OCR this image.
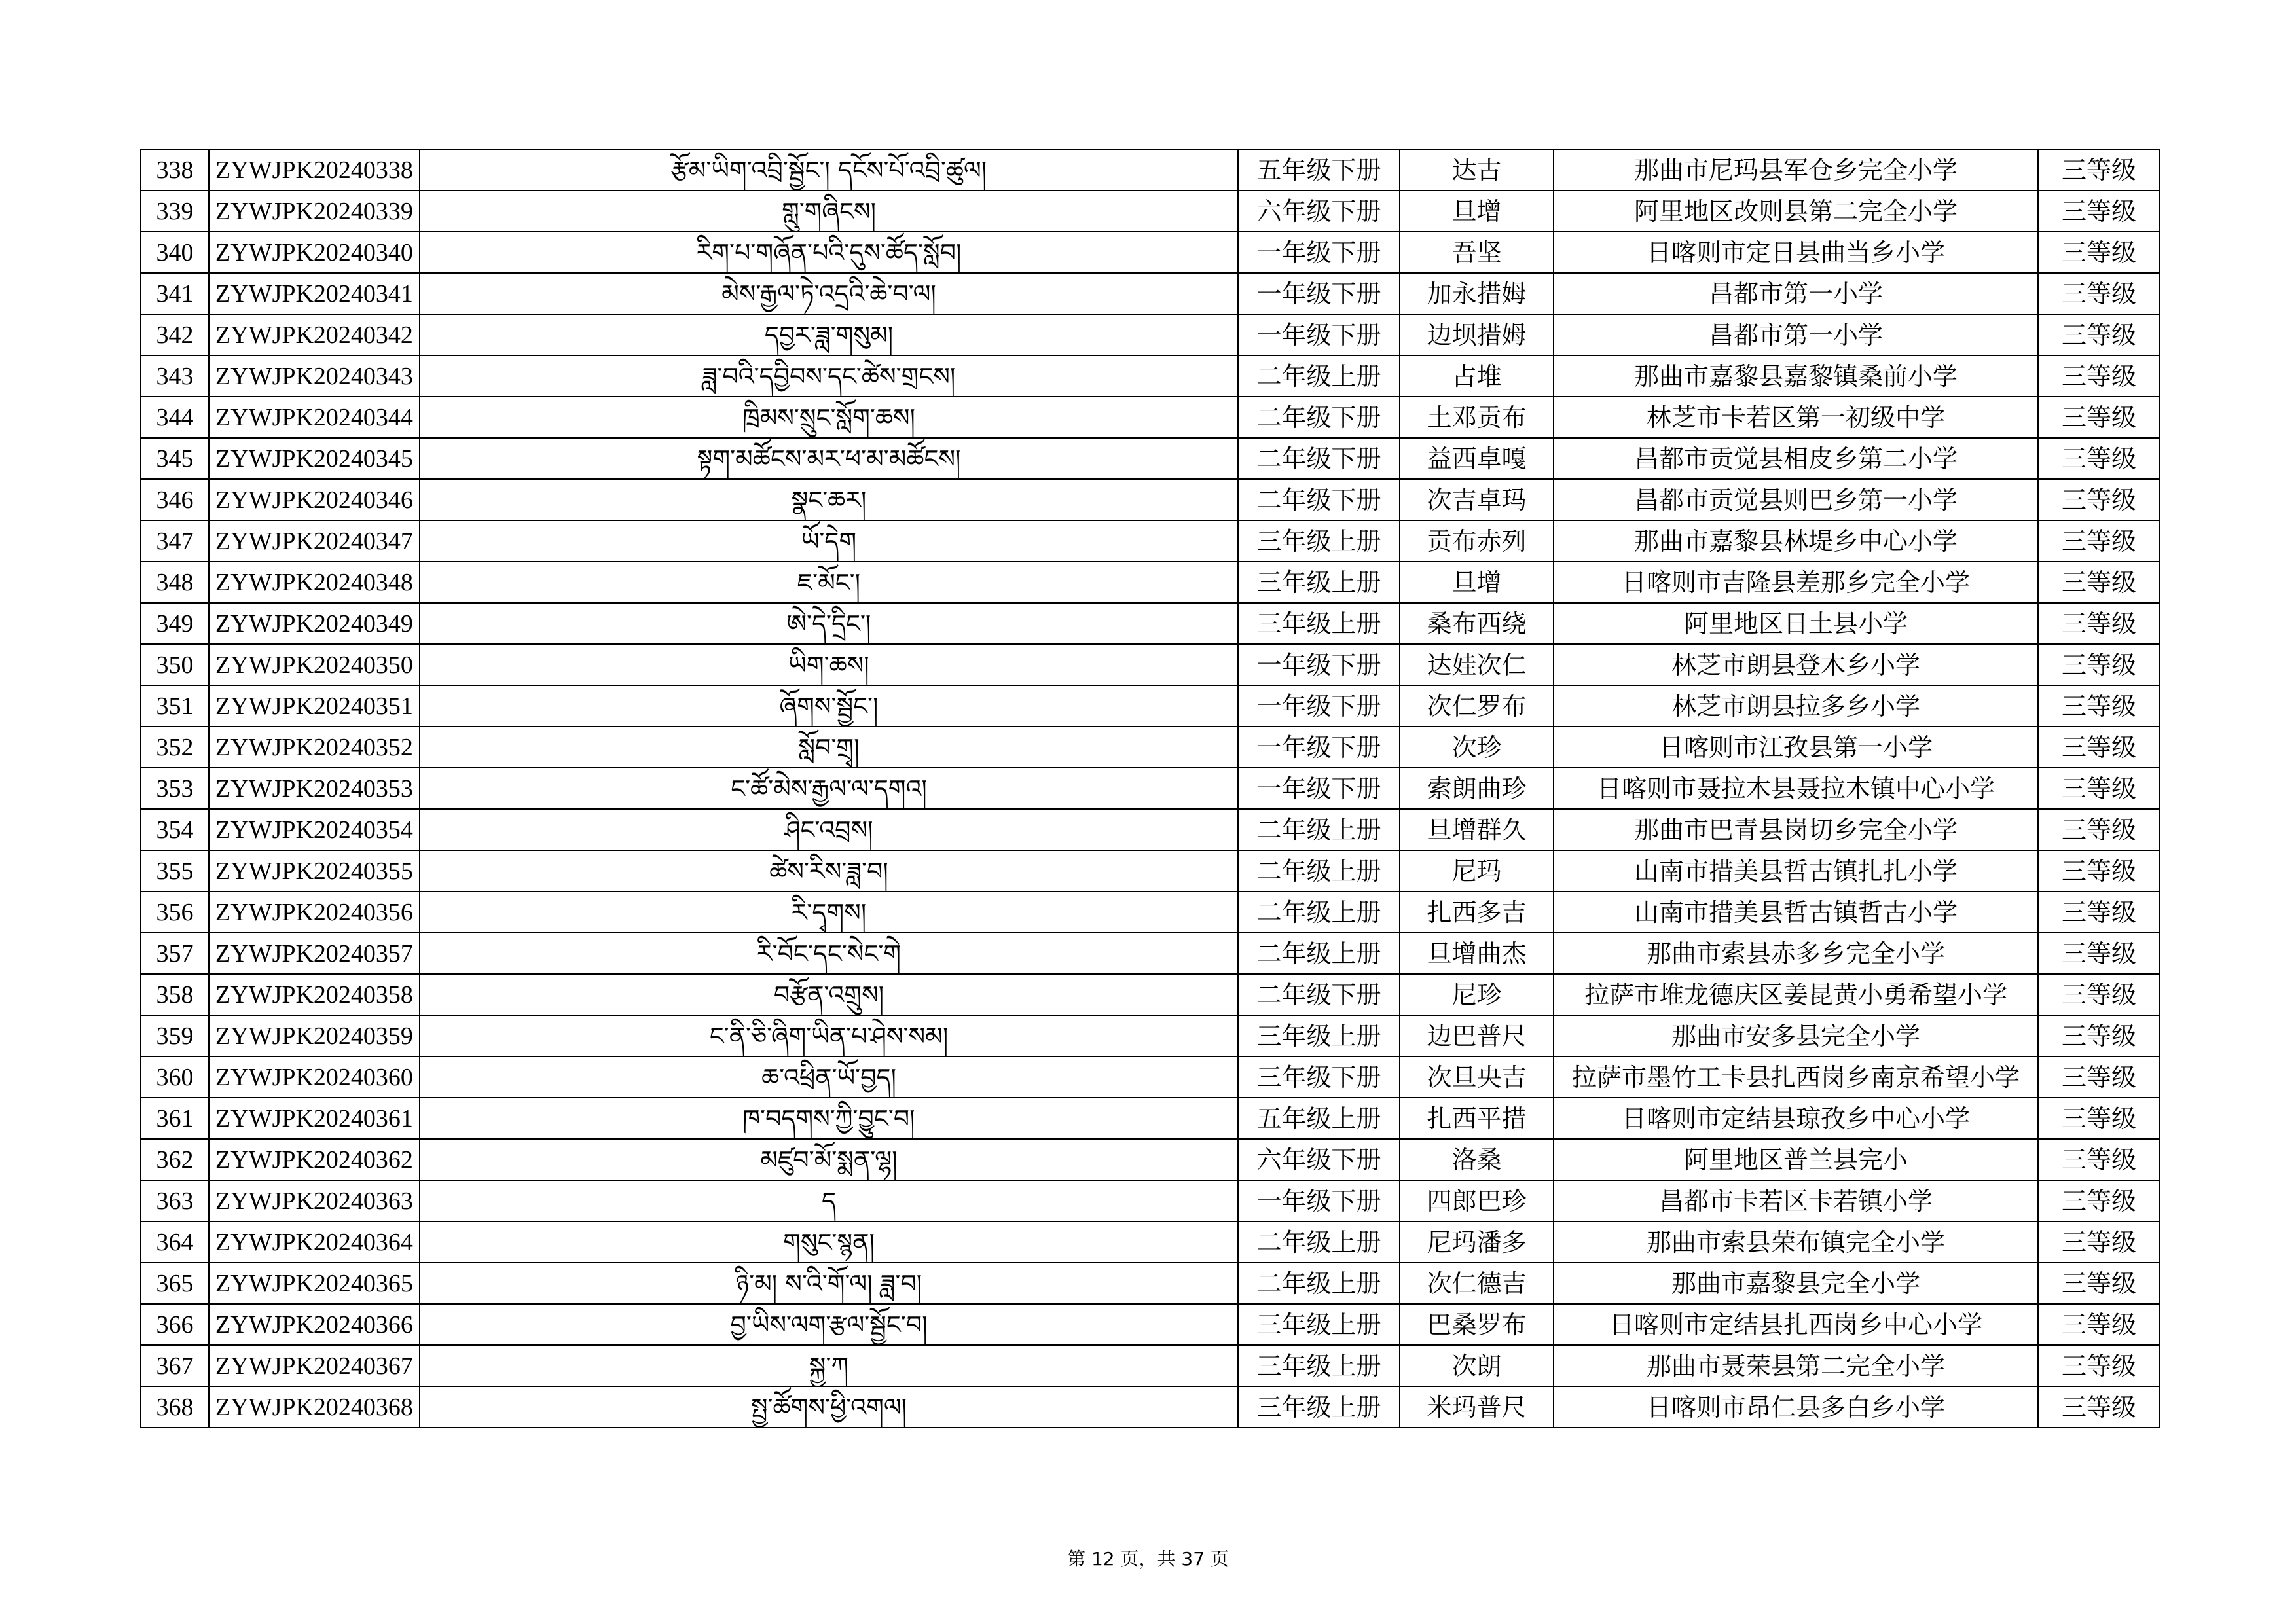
338	ZYWJPK20240338	རྩོམ་ཡིག་འབྲི་སྦྱོང་། དངོས་པོ་འབྲི་ཚུལ།	五年级下册	达古	那曲市尼玛县军仓乡完全小学	三等级
339	ZYWJPK20240339	གླུ་གཞིངས།	六年级下册	旦增	阿里地区改则县第二完全小学	三等级
340	ZYWJPK20240340	རིག་པ་གཞོན་པའི་དུས་ཚོད་སློབ།	一年级下册	吾坚	日喀则市定日县曲当乡小学	三等级
341	ZYWJPK20240341	མེས་རྒྱལ་ཏེ་འདྲའི་ཆེ་བ་ལ།	一年级下册	加永措姆	昌都市第一小学	三等级
342	ZYWJPK20240342	དབྱར་ཟླ་གསུམ།	一年级下册	边坝措姆	昌都市第一小学	三等级
343	ZYWJPK20240343	ཟླ་བའི་དབྱིབས་དང་ཚེས་གྲངས།	二年级上册	占堆	那曲市嘉黎县嘉黎镇桑前小学	三等级
344	ZYWJPK20240344	ཁྲིམས་སྲུང་སློག་ཆས།	二年级下册	土邓贡布	林芝市卡若区第一初级中学	三等级
345	ZYWJPK20240345	སྟག་མཚོངས་མར་ཕ་མ་མཚོངས།	二年级下册	益西卓嘎	昌都市贡觉县相皮乡第二小学	三等级
346	ZYWJPK20240346	སྣང་ཆར།	二年级下册	次吉卓玛	昌都市贡觉县则巴乡第一小学	三等级
347	ZYWJPK20240347	ཡོ་དེག	三年级上册	贡布赤列	那曲市嘉黎县林堤乡中心小学	三等级
348	ZYWJPK20240348	ཇ་མོང་།	三年级上册	旦增	日喀则市吉隆县差那乡完全小学	三等级
349	ZYWJPK20240349	ཨེ་དེ་དྲིང་།	三年级上册	桑布西绕	阿里地区日土县小学	三等级
350	ZYWJPK20240350	ཡིག་ཆས།	一年级下册	达娃次仁	林芝市朗县登木乡小学	三等级
351	ZYWJPK20240351	ཞོགས་སྦྱོང་།	一年级下册	次仁罗布	林芝市朗县拉多乡小学	三等级
352	ZYWJPK20240352	སློབ་གྲྭ།	一年级下册	次珍	日喀则市江孜县第一小学	三等级
353	ZYWJPK20240353	ང་ཚོ་མེས་རྒྱལ་ལ་དགའ།	一年级下册	索朗曲珍	日喀则市聂拉木县聂拉木镇中心小学	三等级
354	ZYWJPK20240354	ཤིང་འབྲས།	二年级上册	旦增群久	那曲市巴青县岗切乡完全小学	三等级
355	ZYWJPK20240355	ཚེས་རིས་ཟླ་བ།	二年级上册	尼玛	山南市措美县哲古镇扎扎小学	三等级
356	ZYWJPK20240356	རི་དྭགས།	二年级上册	扎西多吉	山南市措美县哲古镇哲古小学	三等级
357	ZYWJPK20240357	རི་བོང་དང་སེང་གེ	二年级上册	旦增曲杰	那曲市索县赤多乡完全小学	三等级
358	ZYWJPK20240358	བརྩོན་འགྲུས།	二年级下册	尼珍	拉萨市堆龙德庆区姜昆黄小勇希望小学	三等级
359	ZYWJPK20240359	ང་ནི་ཅི་ཞིག་ཡིན་པ་ཤེས་སམ།	三年级上册	边巴普尺	那曲市安多县完全小学	三等级
360	ZYWJPK20240360	ཆ་འཕྲིན་ཡོ་བྱད།	三年级下册	次旦央吉	拉萨市墨竹工卡县扎西岗乡南京希望小学	三等级
361	ZYWJPK20240361	ཁ་བདགས་ཀྱི་བྱུང་བ།	五年级上册	扎西平措	日喀则市定结县琼孜乡中心小学	三等级
362	ZYWJPK20240362	མཛུབ་མོ་སྨན་ལྷ།	六年级下册	洛桑	阿里地区普兰县完小	三等级
363	ZYWJPK20240363	ད	一年级下册	四郎巴珍	昌都市卡若区卡若镇小学	三等级
364	ZYWJPK20240364	གསུང་སྙན།	二年级上册	尼玛潘多	那曲市索县荣布镇完全小学	三等级
365	ZYWJPK20240365	ཉི་མ། ས་འི་གོ་ལ། ཟླ་བ།	二年级上册	次仁德吉	那曲市嘉黎县完全小学	三等级
366	ZYWJPK20240366	བྱ་ཡིས་ལག་རྩལ་སྦྱོང་བ།	三年级上册	巴桑罗布	日喀则市定结县扎西岗乡中心小学	三等级
367	ZYWJPK20240367	སྐྱ་ཀ	三年级上册	次朗	那曲市聂荣县第二完全小学	三等级
368	ZYWJPK20240368	སྤྱ་ཚོགས་ཕྱི་འགལ།	三年级上册	米玛普尺	日喀则市昂仁县多白乡小学	三等级
第 12 页，共 37 页
